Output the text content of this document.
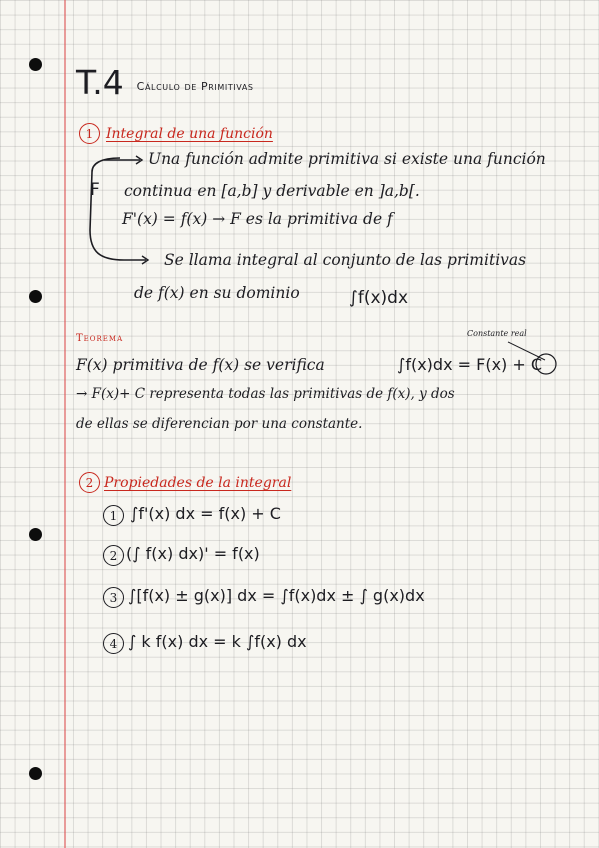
T.4 $^{Cálculo de Primitivas}$
1 Integral de una función
Una función admite primitiva si existe una función
F continua en [a,b] y derivable en ]a,b[.
F'(x) = f(x) → F es la primitiva de f
Se llama integral al conjunto de las primitivas
de f(x) en su dominio	∫f(x)dx
Teorema	Constante real
F(x) primitiva de f(x) se verifica	∫f(x)dx = F(x) + C
→ F(x)+ C representa todas las primitivas de f(x), y dos
de ellas se diferencian por una constante.
2 Propiedades de la integral
1 ∫f'(x) dx = f(x) + C
2 (∫ f(x) dx)' = f(x)
3 ∫[f(x) ± g(x)] dx = ∫f(x)dx ± ∫ g(x)dx
4 ∫ k f(x) dx = k ∫f(x) dx
